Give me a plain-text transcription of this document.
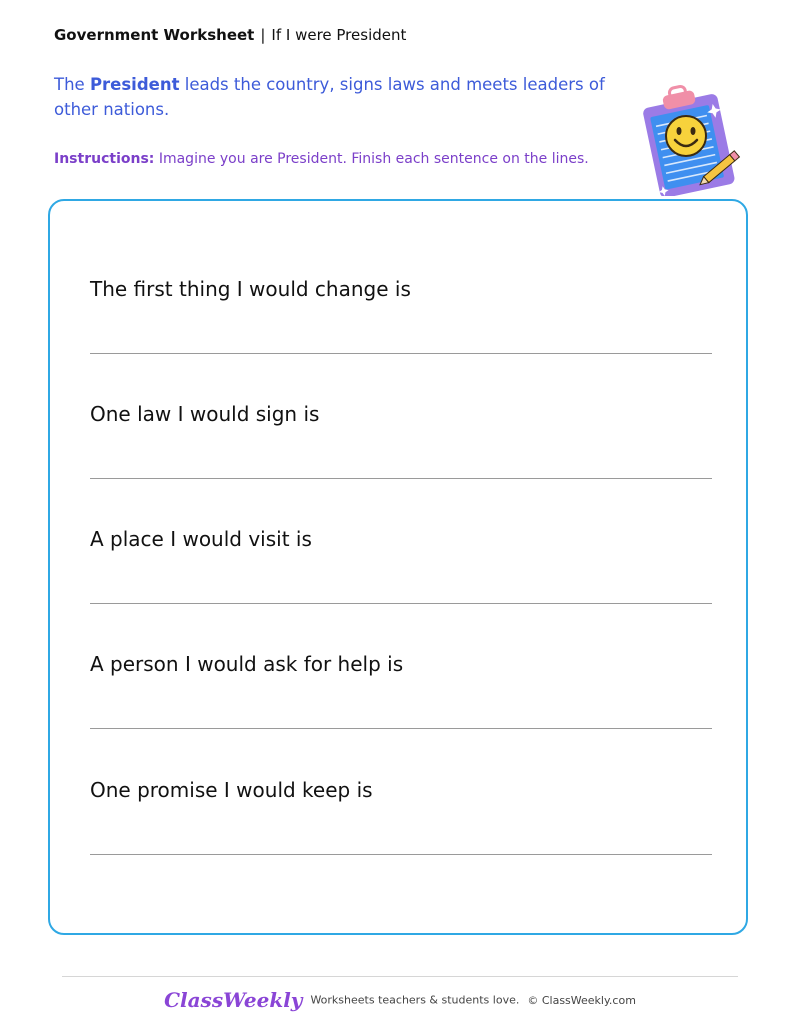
Government Worksheet | If I were President
The President leads the country, signs laws and meets leaders of other nations.
Instructions: Imagine you are President. Finish each sentence on the lines.
The first thing I would change is
One law I would sign is
A place I would visit is
A person I would ask for help is
One promise I would keep is
ClassWeekly Worksheets teachers & students love. © ClassWeekly.com
